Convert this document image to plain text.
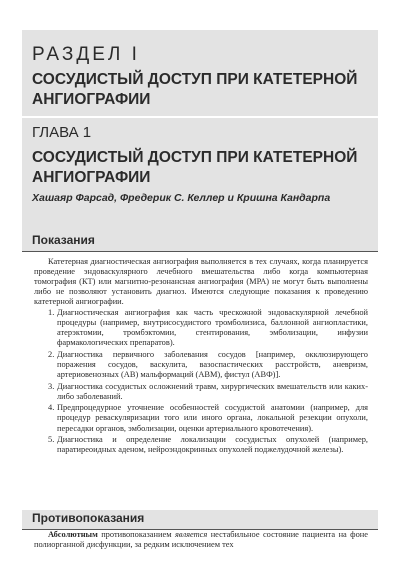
РАЗДЕЛ I
СОСУДИСТЫЙ ДОСТУП ПРИ КАТЕТЕРНОЙ АНГИОГРАФИИ
ГЛАВА 1
СОСУДИСТЫЙ ДОСТУП ПРИ КАТЕТЕРНОЙ АНГИОГРАФИИ
Хашаяр Фарсад, Фредерик С. Келлер и Кришна Кандарпа
Показания

Катетерная диагностическая ангиография выполняется в тех случаях, когда планируется проведение эндоваскулярного лечебного вмешательства либо когда компьютерная томография (КТ) или магнитно-резонансная ангиография (МРА) не могут быть выполнены либо не позволяют установить диагноз. Имеются следующие показания к проведению катетерной ангиографии.

1. Диагностическая ангиография как часть чрескожной эндоваскулярной лечебной процедуры (например, внутрисосудистого тромболизиса, баллонной ангиопластики, атерэктомии, тромбэктомии, стентирования, эмболизации, инфузии фармакологических препаратов).
2. Диагностика первичного заболевания сосудов [например, окклюзирующего поражения сосудов, васкулита, вазоспастических расстройств, аневризм, артериовенозных (АВ) мальформаций (АВМ), фистул (АВФ)].
3. Диагностика сосудистых осложнений травм, хирургических вмешательств или каких-либо заболеваний.
4. Предпроцедурное уточнение особенностей сосудистой анатомии (например, для процедур реваскуляризации того или иного органа, локальной резекции опухоли, пересадки органов, эмболизации, оценки артериального кровотечения).
5. Диагностика и определение локализации сосудистых опухолей (например, паратиреоидных аденом, нейроэндокринных опухолей поджелудочной железы).
Противопоказания

Абсолютным противопоказанием является нестабильное состояние пациента на фоне полиорганной дисфункции, за редким исключением тех
